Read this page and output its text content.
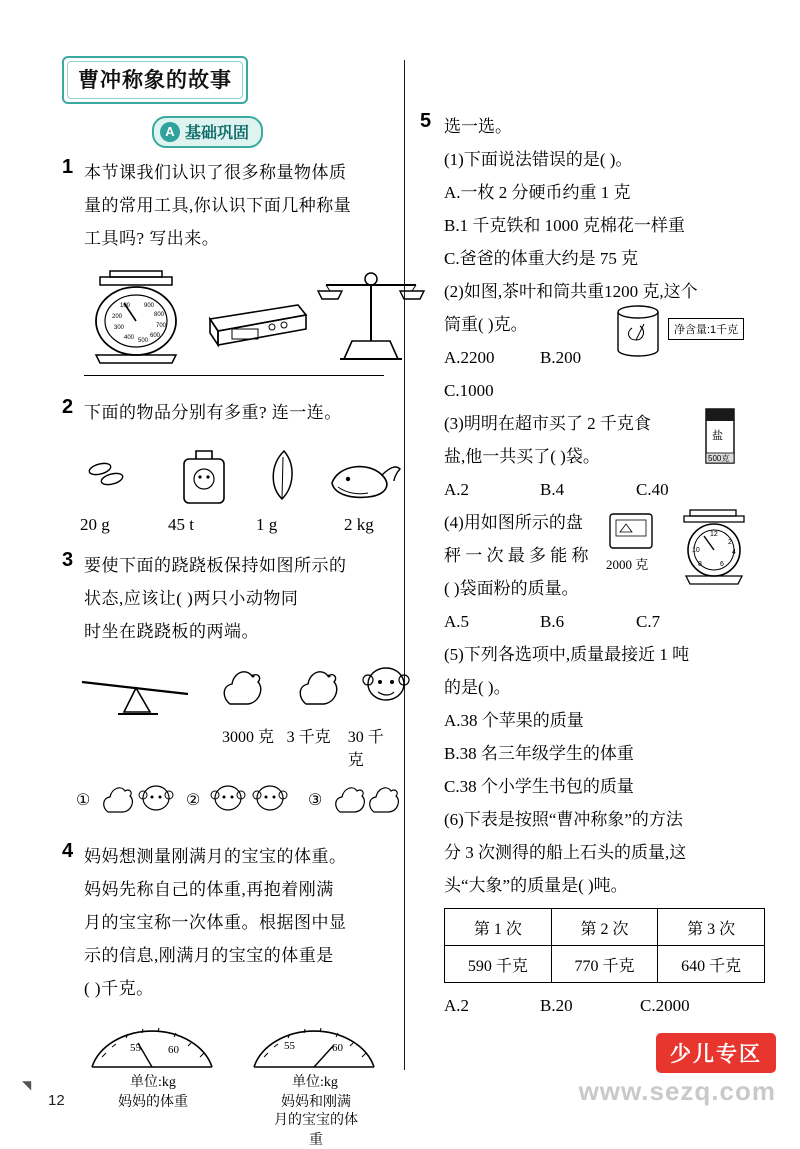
曹冲称象的故事
A 基础巩固
1 本节课我们认识了很多称量物体质
量的常用工具,你认识下面几种称量
工具吗? 写出来。
100
200
300
400 500
600
700
800
900
2 下面的物品分别有多重? 连一连。
20 g	45 t	1 g	2 kg
3 要使下面的跷跷板保持如图所示的
状态,应该让( )两只小动物同
时坐在跷跷板的两端。
3000 克 3 千克	30 千克
①	②	③
4 妈妈想测量刚满月的宝宝的体重。
妈妈先称自己的体重,再抱着刚满
月的宝宝称一次体重。根据图中显
示的信息,刚满月的宝宝的体重是
( )千克。
55 60	55	60
单位:kg
妈妈的体重
单位:kg
妈妈和刚满
月的宝宝的体重
5 选一选。
(1)下面说法错误的是( )。
A.一枚 2 分硬币约重 1 克
B.1 千克铁和 1000 克棉花一样重
C.爸爸的体重大约是 75 克
(2)如图,茶叶和筒共重1200 克,这个
筒重( )克。	净含量:1千克
A.2200	B.200
C.1000
(3)明明在超市买了 2 千克食
盐,他一共买了( )袋。
盐
500克
A.2	B.4	C.40
(4)用如图所示的盘
秤 一 次 最 多 能 称
( )袋面粉的质量。
2000 克
12
2
4
6
8
10
A.5	B.6	C.7
(5)下列各选项中,质量最接近 1 吨
的是( )。
A.38 个苹果的质量
B.38 名三年级学生的体重
C.38 个小学生书包的质量
(6)下表是按照“曹冲称象”的方法
分 3 次测得的船上石头的质量,这
头“大象”的质量是( )吨。
第 1 次	第 2 次	第 3 次
590 千克	770 千克	640 千克
A.2	B.20	C.2000
◥
12
少儿专区
www.sezq.com
